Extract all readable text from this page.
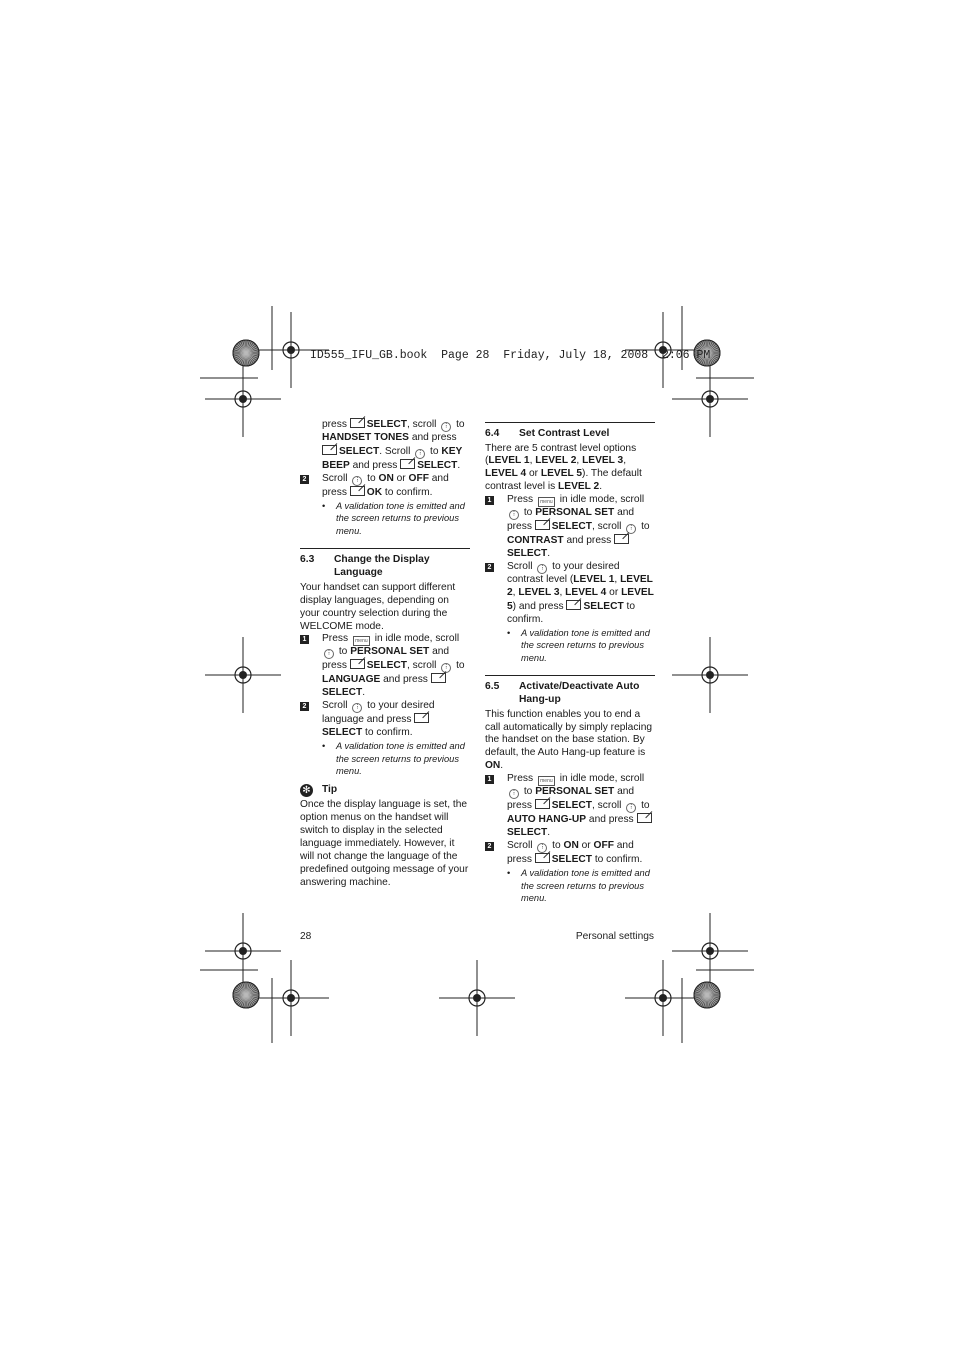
ID555_IFU_GB.book  Page 28  Friday, July 18, 2008  2:06 PM
press SELECT, scroll ⁝ to HANDSET TONES and press SELECT. Scroll ⁝ to KEY BEEP and press SELECT.
2 Scroll ⁝ to ON or OFF and press OK to confirm.
•	A validation tone is emitted and the screen returns to previous menu.
6.3	Change the Display Language

Your handset can support different display languages, depending on your country selection during the WELCOME mode.

1 Press menu in idle mode, scroll ⁝ to PERSONAL SET and press SELECT, scroll ⁝ to LANGUAGE and press SELECT.
2 Scroll ⁝ to your desired language and press SELECT to confirm.
•	A validation tone is emitted and the screen returns to previous menu.
✻ Tip

Once the display language is set, the option menus on the handset will switch to display in the selected language immediately. However, it will not change the language of the predefined outgoing message of your answering machine.

6.4	Set Contrast Level

There are 5 contrast level options (LEVEL 1, LEVEL 2, LEVEL 3, LEVEL 4 or LEVEL 5). The default contrast level is LEVEL 2.

1 Press menu in idle mode, scroll ⁝ to PERSONAL SET and press SELECT, scroll ⁝ to CONTRAST and press SELECT.
2 Scroll ⁝ to your desired contrast level (LEVEL 1, LEVEL 2, LEVEL 3, LEVEL 4 or LEVEL 5) and press SELECT to confirm.
•	A validation tone is emitted and the screen returns to previous menu.
6.5	Activate/Deactivate Auto Hang-up

This function enables you to end a call automatically by simply replacing the handset on the base station. By default, the Auto Hang-up feature is ON.

1 Press menu in idle mode, scroll ⁝ to PERSONAL SET and press SELECT, scroll ⁝ to AUTO HANG-UP and press SELECT.
2 Scroll ⁝ to ON or OFF and press SELECT to confirm.
•	A validation tone is emitted and the screen returns to previous menu.
28	Personal settings
